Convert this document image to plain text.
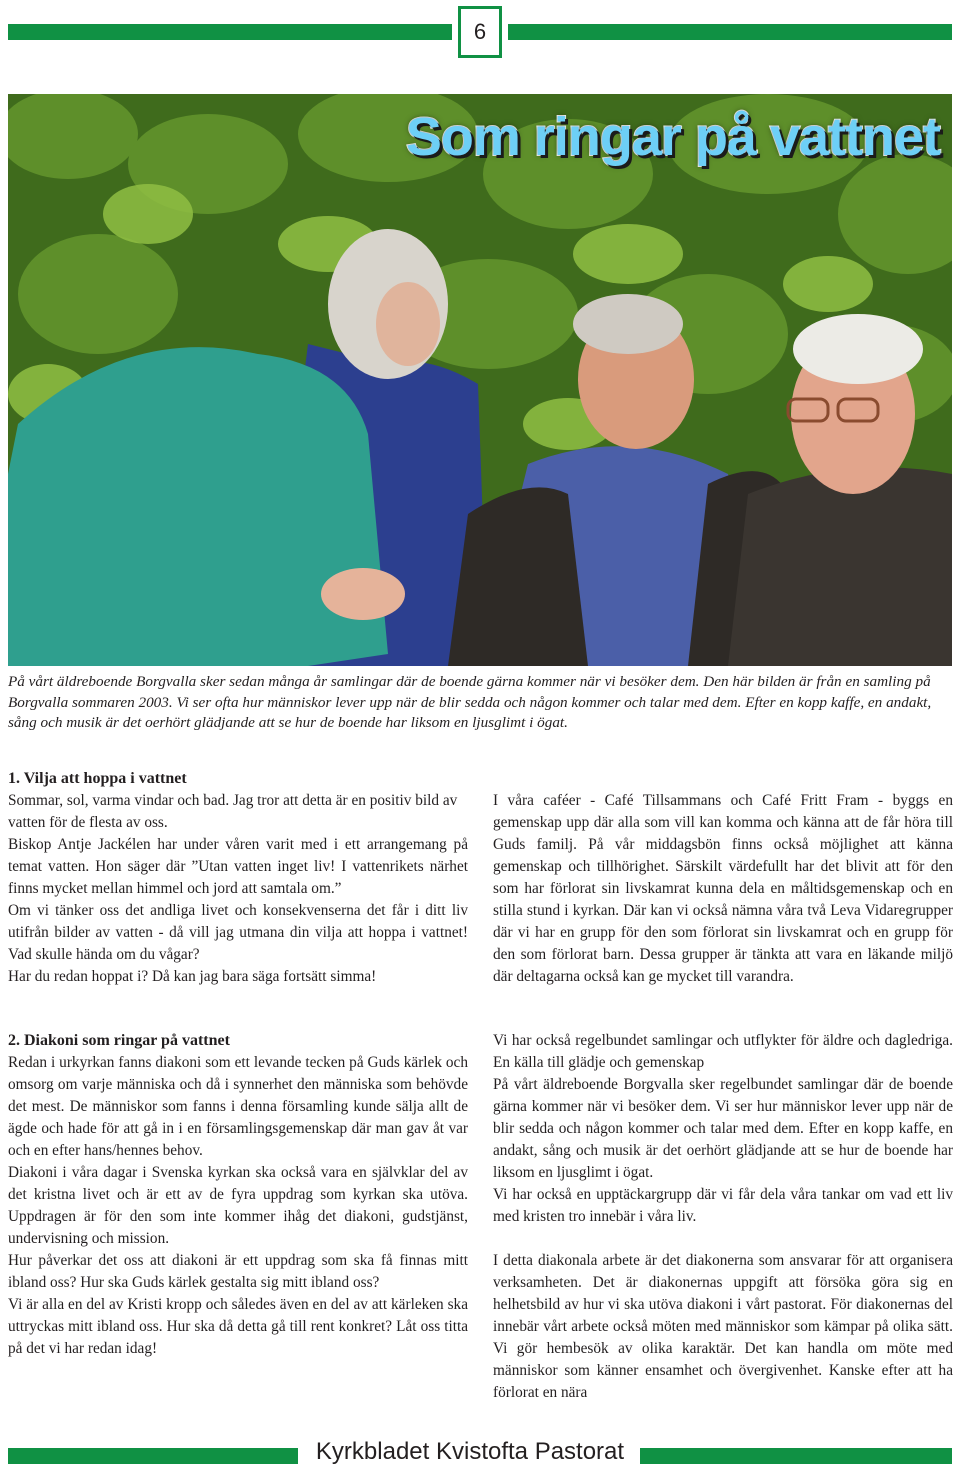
6
Som ringar på vattnet

På vårt äldreboende Borgvalla sker sedan många år samlingar där de boende gärna kommer när vi besöker dem. Den här bilden är från en samling på Borgvalla sommaren 2003. Vi ser ofta hur människor lever upp när de blir sedda och någon kommer och talar med dem. Efter en kopp kaffe, en andakt, sång och musik är det oerhört glädjande att se hur de boende har liksom en ljusglimt i ögat.

1. Vilja att hoppa i vattnet

Sommar, sol, varma vindar och bad. Jag tror att detta är en positiv bild av vatten för de flesta av oss.

Biskop Antje Jackélen har under våren varit med i ett arrangemang på temat vatten. Hon säger där ”Utan vatten inget liv! I vattenrikets närhet finns mycket mellan himmel och jord att samtala om.”

Om vi tänker oss det andliga livet och konsekvenserna det får i ditt liv utifrån bilder av vatten - då vill jag utmana din vilja att hoppa i vattnet! Vad skulle hända om du vågar?

Har du redan hoppat i? Då kan jag bara säga fortsätt simma!

2. Diakoni som ringar på vattnet

Redan i urkyrkan fanns diakoni som ett levande tecken på Guds kärlek och omsorg om varje människa och då i synnerhet den människa som behövde det mest. De människor som fanns i denna församling kunde sälja allt de ägde och hade för att gå in i en församlingsgemenskap där man gav åt var och en efter hans/hennes behov.

Diakoni i våra dagar i Svenska kyrkan ska också vara en självklar del av det kristna livet och är ett av de fyra uppdrag som kyrkan ska utöva. Uppdragen är för den som inte kommer ihåg det diakoni, gudstjänst, undervisning och mission.

Hur påverkar det oss att diakoni är ett uppdrag som ska få finnas mitt ibland oss? Hur ska Guds kärlek gestalta sig mitt ibland oss?

Vi är alla en del av Kristi kropp och således även en del av att kärleken ska uttryckas mitt ibland oss. Hur ska då detta gå till rent konkret? Låt oss titta på det vi har redan idag!

I våra caféer - Café Tillsammans och Café Fritt Fram - byggs en gemenskap upp där alla som vill kan komma och känna att de får höra till Guds familj. På vår middagsbön finns också möjlighet att känna gemenskap och tillhörighet. Särskilt värdefullt har det blivit att för den som har förlorat sin livskamrat kunna dela en måltidsgemenskap och en stilla stund i kyrkan. Där kan vi också nämna våra två Leva Vidaregrupper där vi har en grupp för den som förlorat sin livskamrat och en grupp för den som förlorat barn. Dessa grupper är tänkta att vara en läkande miljö där deltagarna också kan ge mycket till varandra.

Vi har också regelbundet samlingar och utflykter för äldre och dagledriga. En källa till glädje och gemenskap

På vårt äldreboende Borgvalla sker regelbundet samlingar där de boende gärna kommer när vi besöker dem. Vi ser hur människor lever upp när de blir sedda och någon kommer och talar med dem. Efter en kopp kaffe, en andakt, sång och musik är det oerhört glädjande att se hur de boende har liksom en ljusglimt i ögat.

Vi har också en upptäckargrupp där vi får dela våra tankar om vad ett liv med kristen tro innebär i våra liv.

I detta diakonala arbete är det diakonerna som ansvarar för att organisera verksamheten. Det är diakonernas uppgift att försöka göra sig en helhetsbild av hur vi ska utöva diakoni i vårt pastorat. För diakonernas del innebär vårt arbete också möten med människor som kämpar på olika sätt. Vi gör hembesök av olika karaktär. Det kan handla om möte med människor som känner ensamhet och övergivenhet. Kanske efter att ha förlorat en nära

Kyrkbladet Kvistofta Pastorat
